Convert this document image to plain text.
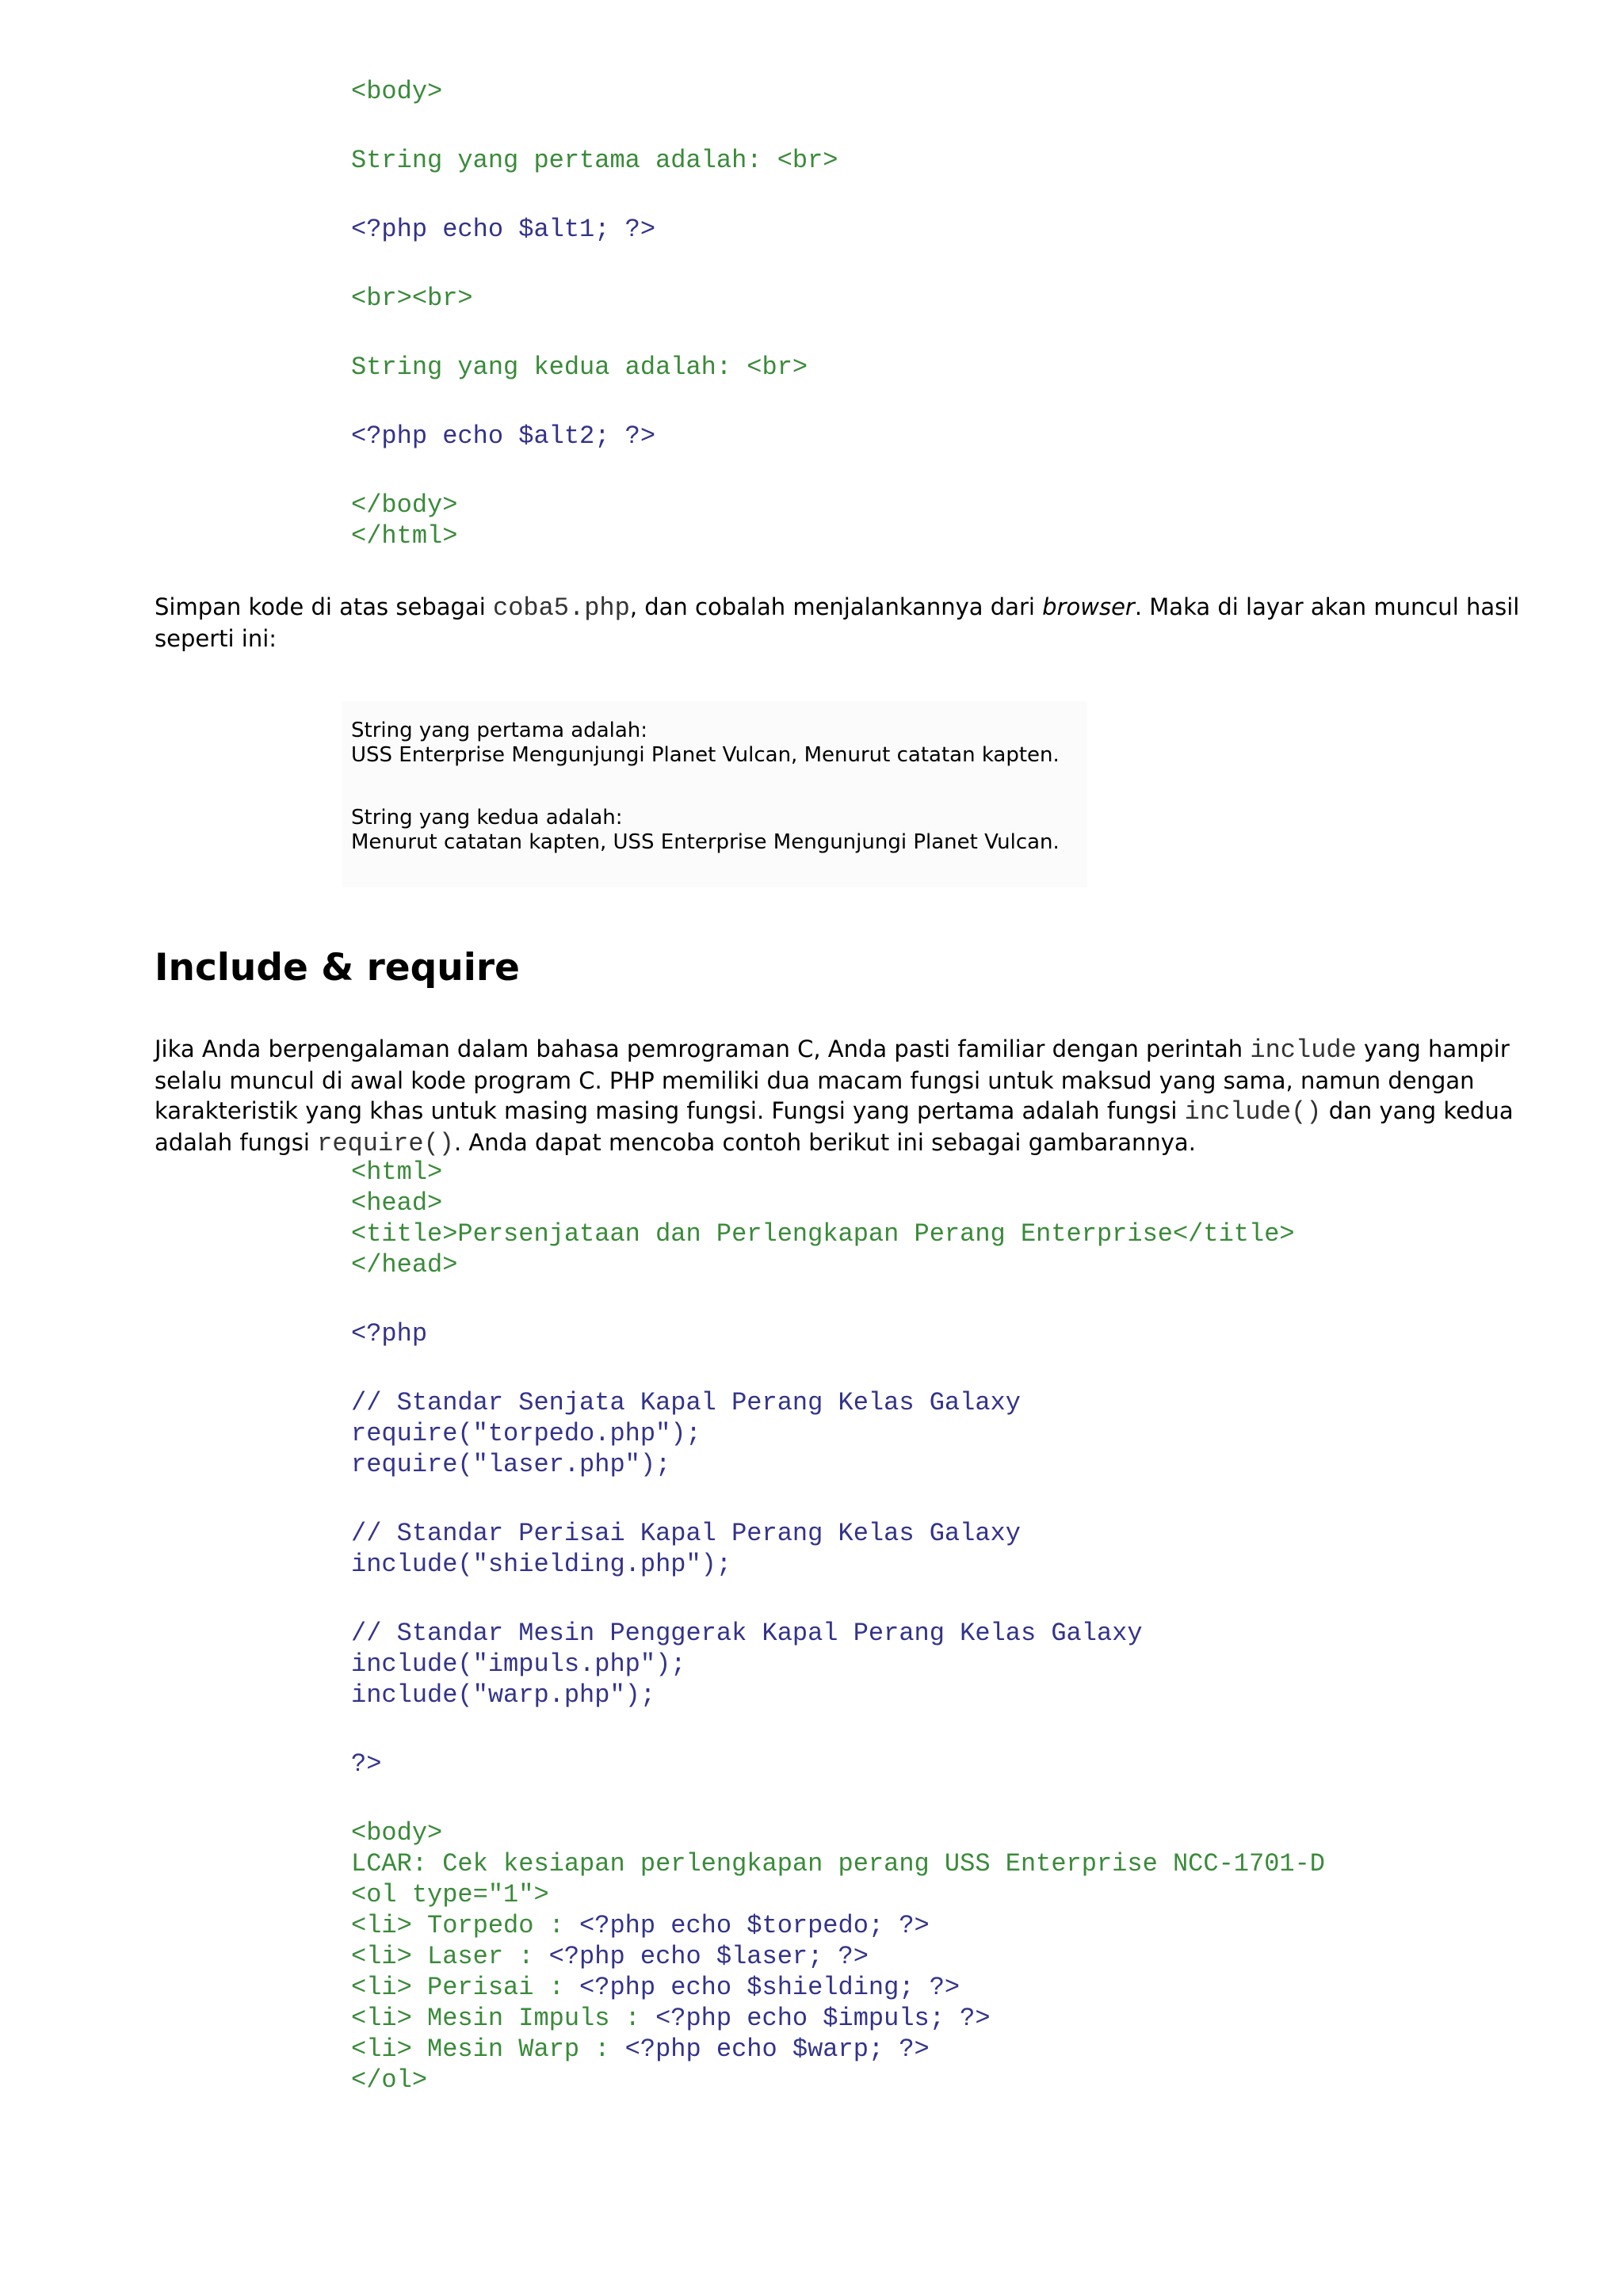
<body>
String yang pertama adalah: <br>
<?php echo $alt1; ?>
<br><br>
String yang kedua adalah: <br>
<?php echo $alt2; ?>
</body>
</html>

Simpan kode di atas sebagai coba5.php, dan cobalah menjalankannya dari browser. Maka di layar akan muncul hasil seperti ini:

String yang pertama adalah:
USS Enterprise Mengunjungi Planet Vulcan, Menurut catatan kapten.
String yang kedua adalah:
Menurut catatan kapten, USS Enterprise Mengunjungi Planet Vulcan.
Include & require

Jika Anda berpengalaman dalam bahasa pemrograman C, Anda pasti familiar dengan perintah include yang hampir selalu muncul di awal kode program C. PHP memiliki dua macam fungsi untuk maksud yang sama, namun dengan karakteristik yang khas untuk masing masing fungsi. Fungsi yang pertama adalah fungsi include() dan yang kedua adalah fungsi require(). Anda dapat mencoba contoh berikut ini sebagai gambarannya.

<html>
<head>
<title>Persenjataan dan Perlengkapan Perang Enterprise</title>
</head>
<?php
// Standar Senjata Kapal Perang Kelas Galaxy
require("torpedo.php");
require("laser.php");
// Standar Perisai Kapal Perang Kelas Galaxy
include("shielding.php");
// Standar Mesin Penggerak Kapal Perang Kelas Galaxy
include("impuls.php");
include("warp.php");
?>
<body>
LCAR: Cek kesiapan perlengkapan perang USS Enterprise NCC-1701-D
<ol type="1">
<li> Torpedo : <?php echo $torpedo; ?>
<li> Laser : <?php echo $laser; ?>
<li> Perisai : <?php echo $shielding; ?>
<li> Mesin Impuls : <?php echo $impuls; ?>
<li> Mesin Warp : <?php echo $warp; ?>
</ol>
